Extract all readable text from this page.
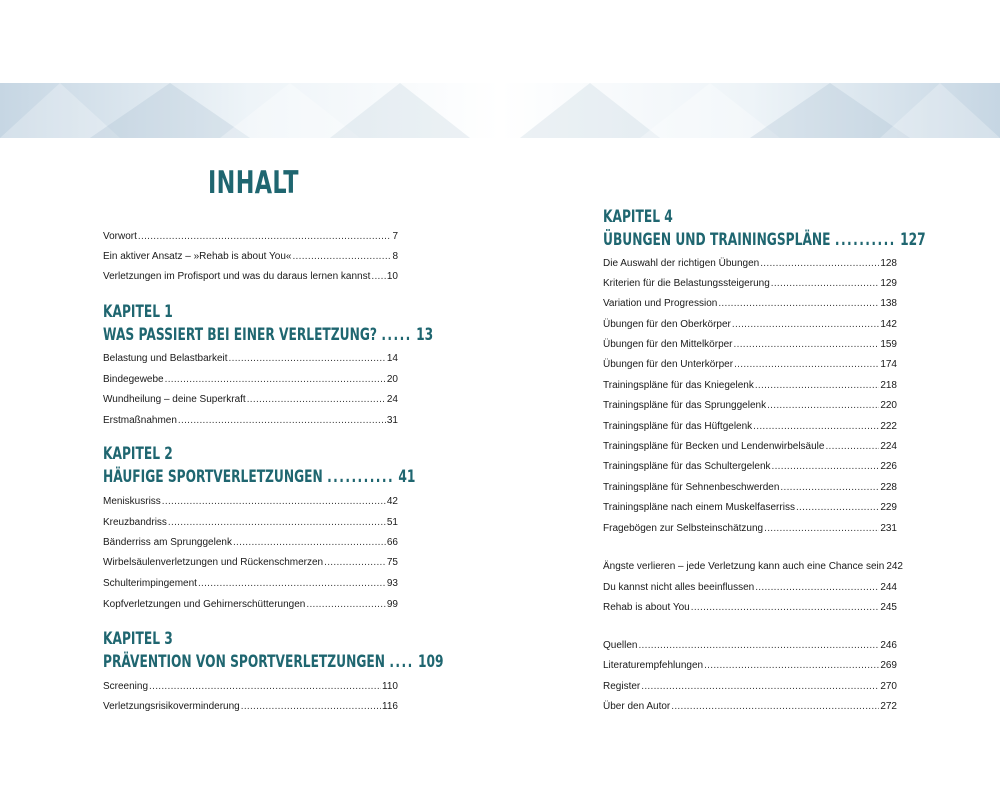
INHALT
Vorwort .....	7
Ein aktiver Ansatz – »Rehab is about You« .....	8
Verletzungen im Profisport und was du daraus lernen kannst ..... 10
KAPITEL 1
WAS PASSIERT BEI EINER VERLETZUNG? ..... 13
Belastung und Belastbarkeit .....	14
Bindegewebe .....	20
Wundheilung – deine Superkraft .....	24
Erstmaßnahmen .....	31
KAPITEL 2
HÄUFIGE SPORTVERLETZUNGEN ........... 41
Meniskusriss .....	42
Kreuzbandriss .....	51
Bänderriss am Sprunggelenk .....	66
Wirbelsäulenverletzungen und Rückenschmerzen .....	75
Schulterimpingement .....	93
Kopfverletzungen und Gehirnerschütterungen .....	99
KAPITEL 3
PRÄVENTION VON SPORTVERLETZUNGEN .... 109
Screening .....	110
Verletzungsrisikoverminderung .....	116
KAPITEL 4
ÜBUNGEN UND TRAININGSPLÄNE .......... 127
Die Auswahl der richtigen Übungen .....	128
Kriterien für die Belastungssteigerung .....	129
Variation und Progression .....	138
Übungen für den Oberkörper .....	142
Übungen für den Mittelkörper .....	159
Übungen für den Unterkörper .....	174
Trainingspläne für das Kniegelenk .....	218
Trainingspläne für das Sprunggelenk .....	220
Trainingspläne für das Hüftgelenk .....	222
Trainingspläne für Becken und Lendenwirbelsäule .....	224
Trainingspläne für das Schultergelenk .....	226
Trainingspläne für Sehnenbeschwerden .....	228
Trainingspläne nach einem Muskelfaserriss .....	229
Fragebögen zur Selbsteinschätzung .....	231
Ängste verlieren – jede Verletzung kann auch eine Chance sein 242
Du kannst nicht alles beeinflussen .....	244
Rehab is about You .....	245
Quellen .....	246
Literaturempfehlungen .....	269
Register .....	270
Über den Autor .....	272
